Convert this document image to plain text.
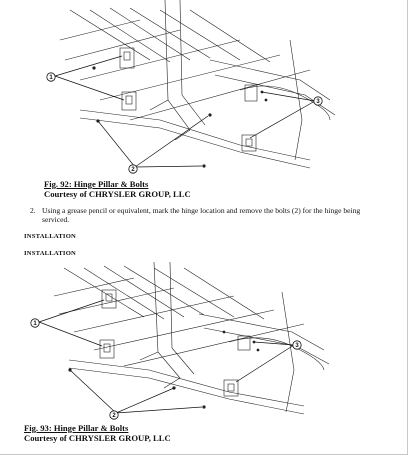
1
2
3
Fig. 92: Hinge Pillar & Bolts
Courtesy of CHRYSLER GROUP, LLC
2. Using a grease pencil or equivalent, mark the hinge location and remove the bolts (2) for the hinge being serviced.
INSTALLATION
INSTALLATION
1
2
3
Fig. 93: Hinge Pillar & Bolts
Courtesy of CHRYSLER GROUP, LLC
